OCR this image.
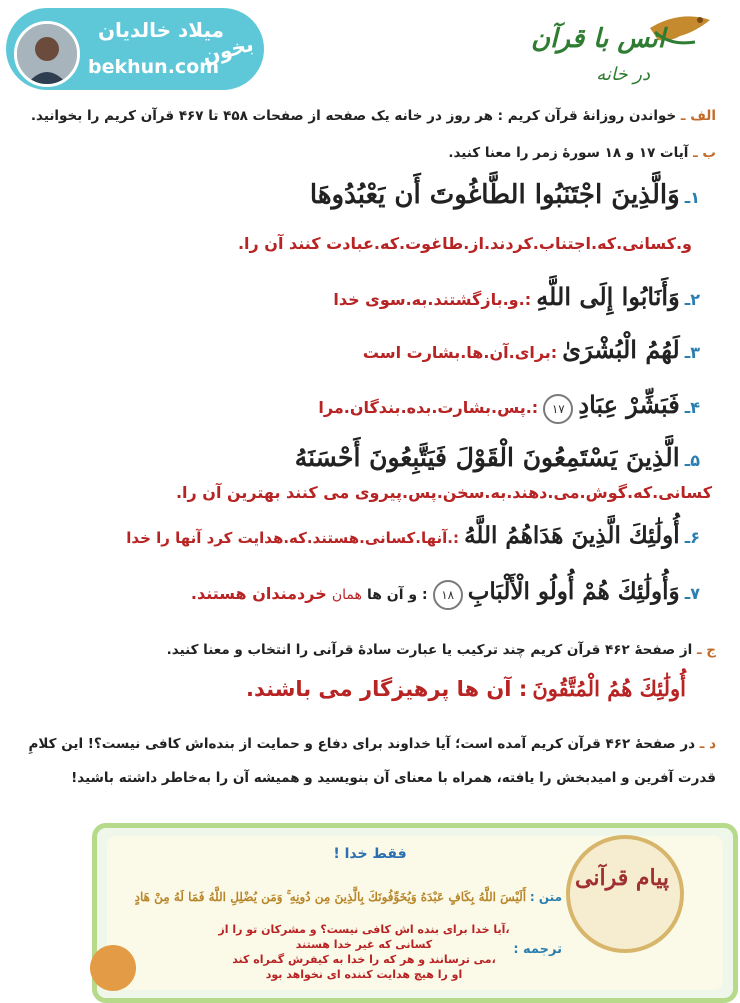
میلاد خالدیان
bekhun.com
بخون	انس با قرآن
در خانه
الف ـ خواندن روزانهٔ قرآن کریم : هر روز در خانه یک صفحه از صفحات ۴۵۸ تا ۴۶۷ قرآن کریم را بخوانید.
ب ـ آیات ۱۷ و ۱۸ سورهٔ زمر را معنا کنید.
۱ـ وَالَّذِينَ اجْتَنَبُوا الطَّاغُوتَ أَن يَعْبُدُوهَا
و.کسانی.که.اجتناب.کردند.از.طاغوت.که.عبادت کنند آن را.
۲ـ وَأَنَابُوا إِلَى اللَّهِ :.و.بازگشتند.به.سوی خدا
۳ـ لَهُمُ الْبُشْرَىٰ :برای.آن.ها.بشارت است
۴ـ فَبَشِّرْ عِبَادِ ۱۷ :.پس.بشارت.بده.بندگان.مرا
۵ـ الَّذِينَ يَسْتَمِعُونَ الْقَوْلَ فَيَتَّبِعُونَ أَحْسَنَهُ
کسانی.که.گوش.می.دهند.به.سخن.پس.پیروی می کنند بهترین آن را.
۶ـ أُولَٰئِكَ الَّذِينَ هَدَاهُمُ اللَّهُ :.آنها.کسانی.هستند.که.هدایت کرد آنها را خدا
۷ـ وَأُولَٰئِكَ هُمْ أُولُو الْأَلْبَابِ ۱۸ : و آن ها همان خردمندان هستند.
ج ـ از صفحهٔ ۴۶۲ قرآن کریم چند ترکیب یا عبارت سادهٔ قرآنی را انتخاب و معنا کنید.
أُولَٰئِكَ هُمُ الْمُتَّقُونَ : آن ها پرهیزگار می باشند.
د ـ در صفحهٔ ۴۶۲ قرآن کریم آمده است؛ آیا خداوند برای دفاع و حمایت از بنده‌اش کافی نیست؟! این کلامِ
قدرت آفرین و امیدبخش را یافته، همراه با معنای آن بنویسید و همیشه آن را به‌خاطر داشته باشید!
پیام قرآنی
فقط خدا !
متن : أَلَيْسَ اللَّهُ بِكَافٍ عَبْدَهُ وَيُخَوِّفُونَكَ بِالَّذِينَ مِن دُونِهِ ۚ وَمَن يُضْلِلِ اللَّهُ فَمَا لَهُ مِنْ هَادٍ
ترجمه :
،آیا خدا برای بنده اش کافی نیست؟ و مشرکان تو را از کسانی که غیر خدا هستند
،می ترسانند و هر که را خدا به کیفرش گمراه کند
او را هیچ هدایت کننده ای نخواهد بود
